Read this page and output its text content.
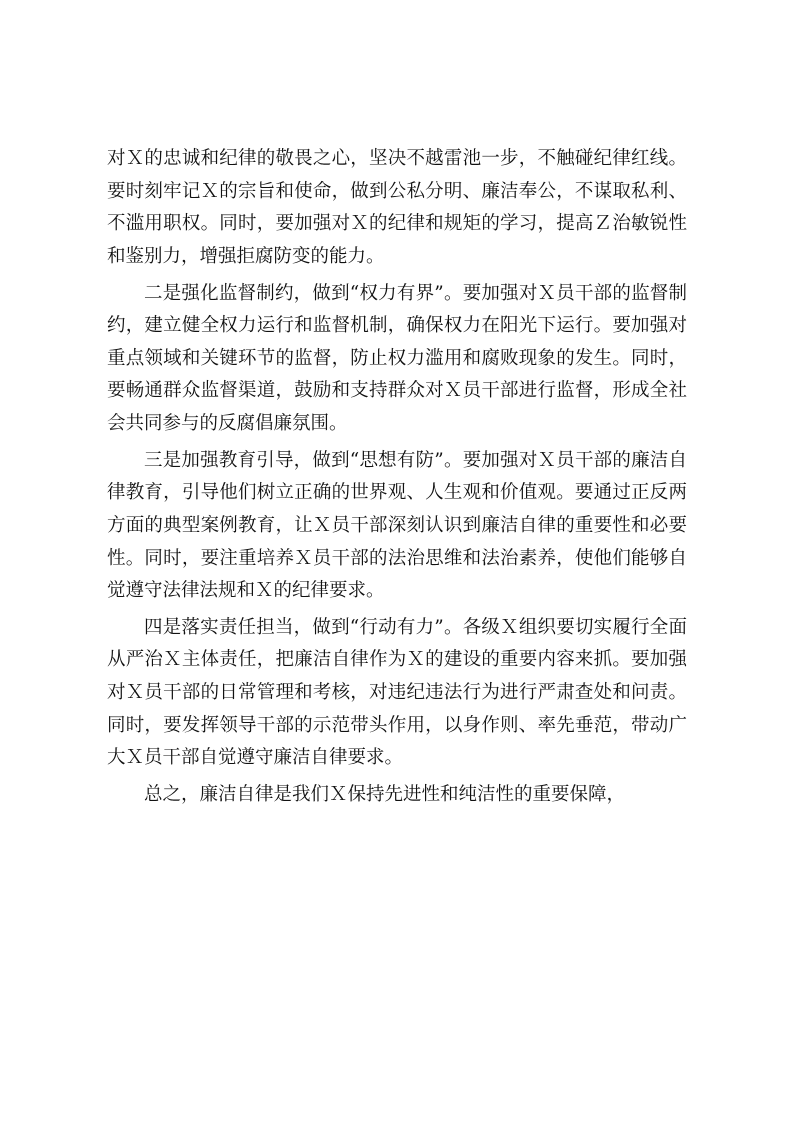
对Ｘ的忠诚和纪律的敬畏之心，坚决不越雷池一步，不触碰纪律红线。要时刻牢记Ｘ的宗旨和使命，做到公私分明、廉洁奉公，不谋取私利、不滥用职权。同时，要加强对Ｘ的纪律和规矩的学习，提高Ｚ治敏锐性和鉴别力，增强拒腐防变的能力。

二是强化监督制约，做到“权力有界”。要加强对Ｘ员干部的监督制约，建立健全权力运行和监督机制，确保权力在阳光下运行。要加强对重点领域和关键环节的监督，防止权力滥用和腐败现象的发生。同时，要畅通群众监督渠道，鼓励和支持群众对Ｘ员干部进行监督，形成全社会共同参与的反腐倡廉氛围。

三是加强教育引导，做到“思想有防”。要加强对Ｘ员干部的廉洁自律教育，引导他们树立正确的世界观、人生观和价值观。要通过正反两方面的典型案例教育，让Ｘ员干部深刻认识到廉洁自律的重要性和必要性。同时，要注重培养Ｘ员干部的法治思维和法治素养，使他们能够自觉遵守法律法规和Ｘ的纪律要求。

四是落实责任担当，做到“行动有力”。各级Ｘ组织要切实履行全面从严治Ｘ主体责任，把廉洁自律作为Ｘ的建设的重要内容来抓。要加强对Ｘ员干部的日常管理和考核，对违纪违法行为进行严肃查处和问责。同时，要发挥领导干部的示范带头作用，以身作则、率先垂范，带动广大Ｘ员干部自觉遵守廉洁自律要求。

总之，廉洁自律是我们Ｘ保持先进性和纯洁性的重要保障，
